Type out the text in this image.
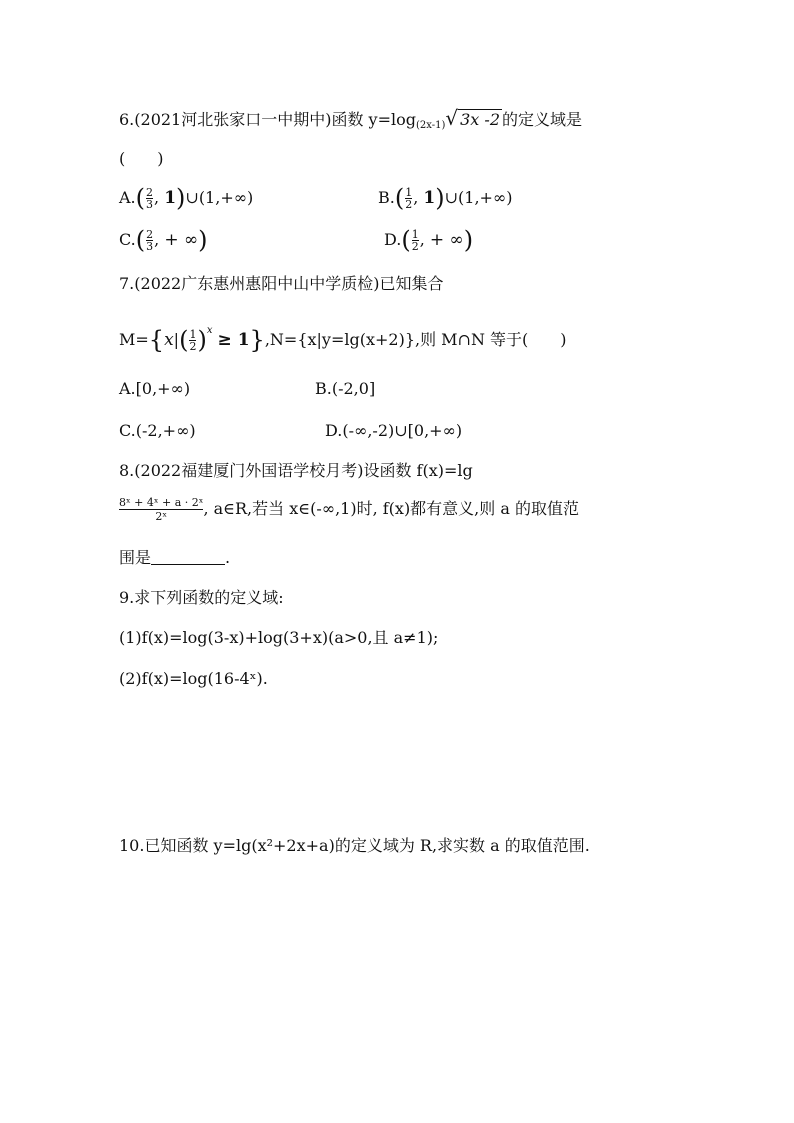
6.(2021河北张家口一中期中)函数 $y=\log_{(2x-1)}√$ 3x -2 的定义域是
(　　)
$A.( \frac{2}{3}$ , 1)∪(1,+∞)	$B.( \frac{1}{2}$ , 1)∪(1,+∞)
$C.( \frac{2}{3}$ , + ∞)	$D.( \frac{1}{2}$ , + ∞)
7.(2022广东惠州惠阳中山中学质检)已知集合
$M=\{x|( \frac{1}{2} )^x \ge 1\},N=\{x|y=\lg(x+2)\}$,则 M∩N 等于(　　)
A.[0,+∞)	B.(-2,0]
C.(-2,+∞)	D.(-∞,-2)∪[0,+∞)
8.(2022福建厦门外国语学校月考)设函数 f(x)=lg
$\frac{\text{8ˣ + 4ˣ + a · 2ˣ}}{\text{2ˣ}}$ , a∈R,若当 x∈(-∞,1)时, f(x)都有意义,则 a 的取值范
围是	.
9.求下列函数的定义域:
(1)f(x)=log(3-x)+log(3+x)(a>0,且 a≠1);
(2)f(x)=log(16-4ˣ).
10.已知函数 y=lg(x²+2x+a)的定义域为 R,求实数 a 的取值范围.
